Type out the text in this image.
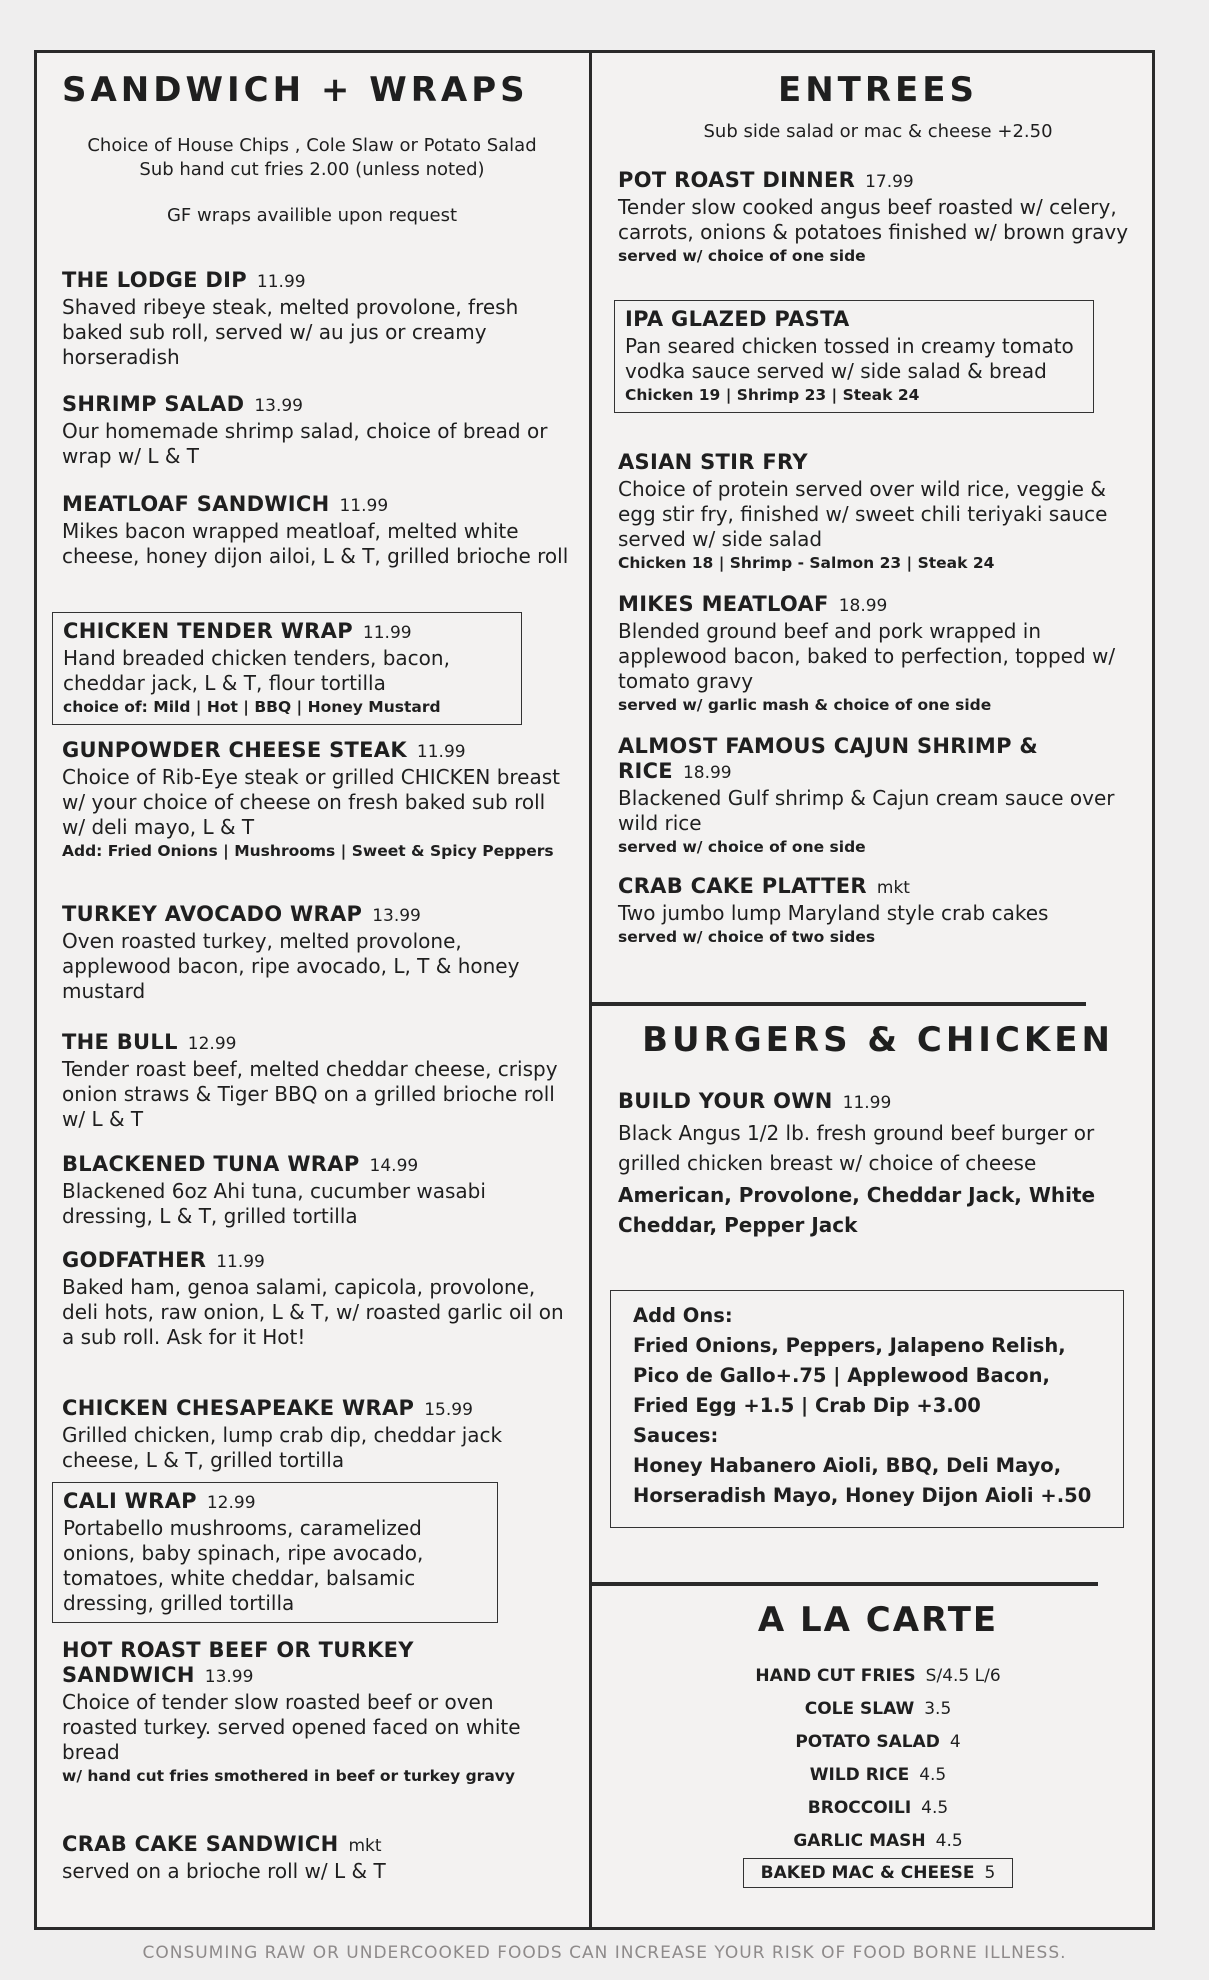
SANDWICH + WRAPS
Choice of House Chips , Cole Slaw or Potato Salad
Sub hand cut fries 2.00 (unless noted)
GF wraps availible upon request
THE LODGE DIP 11.99
Shaved ribeye steak, melted provolone, fresh baked sub roll, served w/ au jus or creamy horseradish
SHRIMP SALAD 13.99
Our homemade shrimp salad, choice of bread or wrap w/ L & T
MEATLOAF SANDWICH 11.99
Mikes bacon wrapped meatloaf, melted white cheese, honey dijon ailoi, L & T, grilled brioche roll
CHICKEN TENDER WRAP 11.99
Hand breaded chicken tenders, bacon, cheddar jack, L & T, flour tortilla
choice of: Mild | Hot | BBQ | Honey Mustard
GUNPOWDER CHEESE STEAK 11.99
Choice of Rib-Eye steak or grilled CHICKEN breast w/ your choice of cheese on fresh baked sub roll w/ deli mayo, L & T
Add: Fried Onions | Mushrooms | Sweet & Spicy Peppers
TURKEY AVOCADO WRAP 13.99
Oven roasted turkey, melted provolone, applewood bacon, ripe avocado, L, T & honey mustard
THE BULL 12.99
Tender roast beef, melted cheddar cheese, crispy onion straws & Tiger BBQ on a grilled brioche roll w/ L & T
BLACKENED TUNA WRAP 14.99
Blackened 6oz Ahi tuna, cucumber wasabi dressing, L & T, grilled tortilla
GODFATHER 11.99
Baked ham, genoa salami, capicola, provolone, deli hots, raw onion, L & T, w/ roasted garlic oil on a sub roll. Ask for it Hot!
CHICKEN CHESAPEAKE WRAP 15.99
Grilled chicken, lump crab dip, cheddar jack cheese, L & T, grilled tortilla
CALI WRAP 12.99
Portabello mushrooms, caramelized onions, baby spinach, ripe avocado, tomatoes, white cheddar, balsamic dressing, grilled tortilla
HOT ROAST BEEF OR TURKEY SANDWICH 13.99
Choice of tender slow roasted beef or oven roasted turkey. served opened faced on white bread
w/ hand cut fries smothered in beef or turkey gravy
CRAB CAKE SANDWICH mkt
served on a brioche roll w/ L & T
ENTREES
Sub side salad or mac & cheese +2.50
POT ROAST DINNER 17.99
Tender slow cooked angus beef roasted w/ celery, carrots, onions & potatoes finished w/ brown gravy
served w/ choice of one side
IPA GLAZED PASTA
Pan seared chicken tossed in creamy tomato vodka sauce served w/ side salad & bread
Chicken 19 | Shrimp 23 | Steak 24
ASIAN STIR FRY
Choice of protein served over wild rice, veggie & egg stir fry, finished w/ sweet chili teriyaki sauce served w/ side salad
Chicken 18 | Shrimp - Salmon 23 | Steak 24
MIKES MEATLOAF 18.99
Blended ground beef and pork wrapped in applewood bacon, baked to perfection, topped w/ tomato gravy
served w/ garlic mash & choice of one side
ALMOST FAMOUS CAJUN SHRIMP & RICE 18.99
Blackened Gulf shrimp & Cajun cream sauce over wild rice
served w/ choice of one side
CRAB CAKE PLATTER mkt
Two jumbo lump Maryland style crab cakes
served w/ choice of two sides
BURGERS & CHICKEN
BUILD YOUR OWN 11.99
Black Angus 1/2 lb. fresh ground beef burger or grilled chicken breast w/ choice of cheese
American, Provolone, Cheddar Jack, White Cheddar, Pepper Jack
Add Ons:
Fried Onions, Peppers, Jalapeno Relish, Pico de Gallo+.75 | Applewood Bacon, Fried Egg +1.5 | Crab Dip +3.00
Sauces:
Honey Habanero Aioli, BBQ, Deli Mayo, Horseradish Mayo, Honey Dijon Aioli +.50
A LA CARTE
HAND CUT FRIES S/4.5 L/6
COLE SLAW 3.5
POTATO SALAD 4
WILD RICE 4.5
BROCCOILI 4.5
GARLIC MASH 4.5
BAKED MAC & CHEESE 5
CONSUMING RAW OR UNDERCOOKED FOODS CAN INCREASE YOUR RISK OF FOOD BORNE ILLNESS.
